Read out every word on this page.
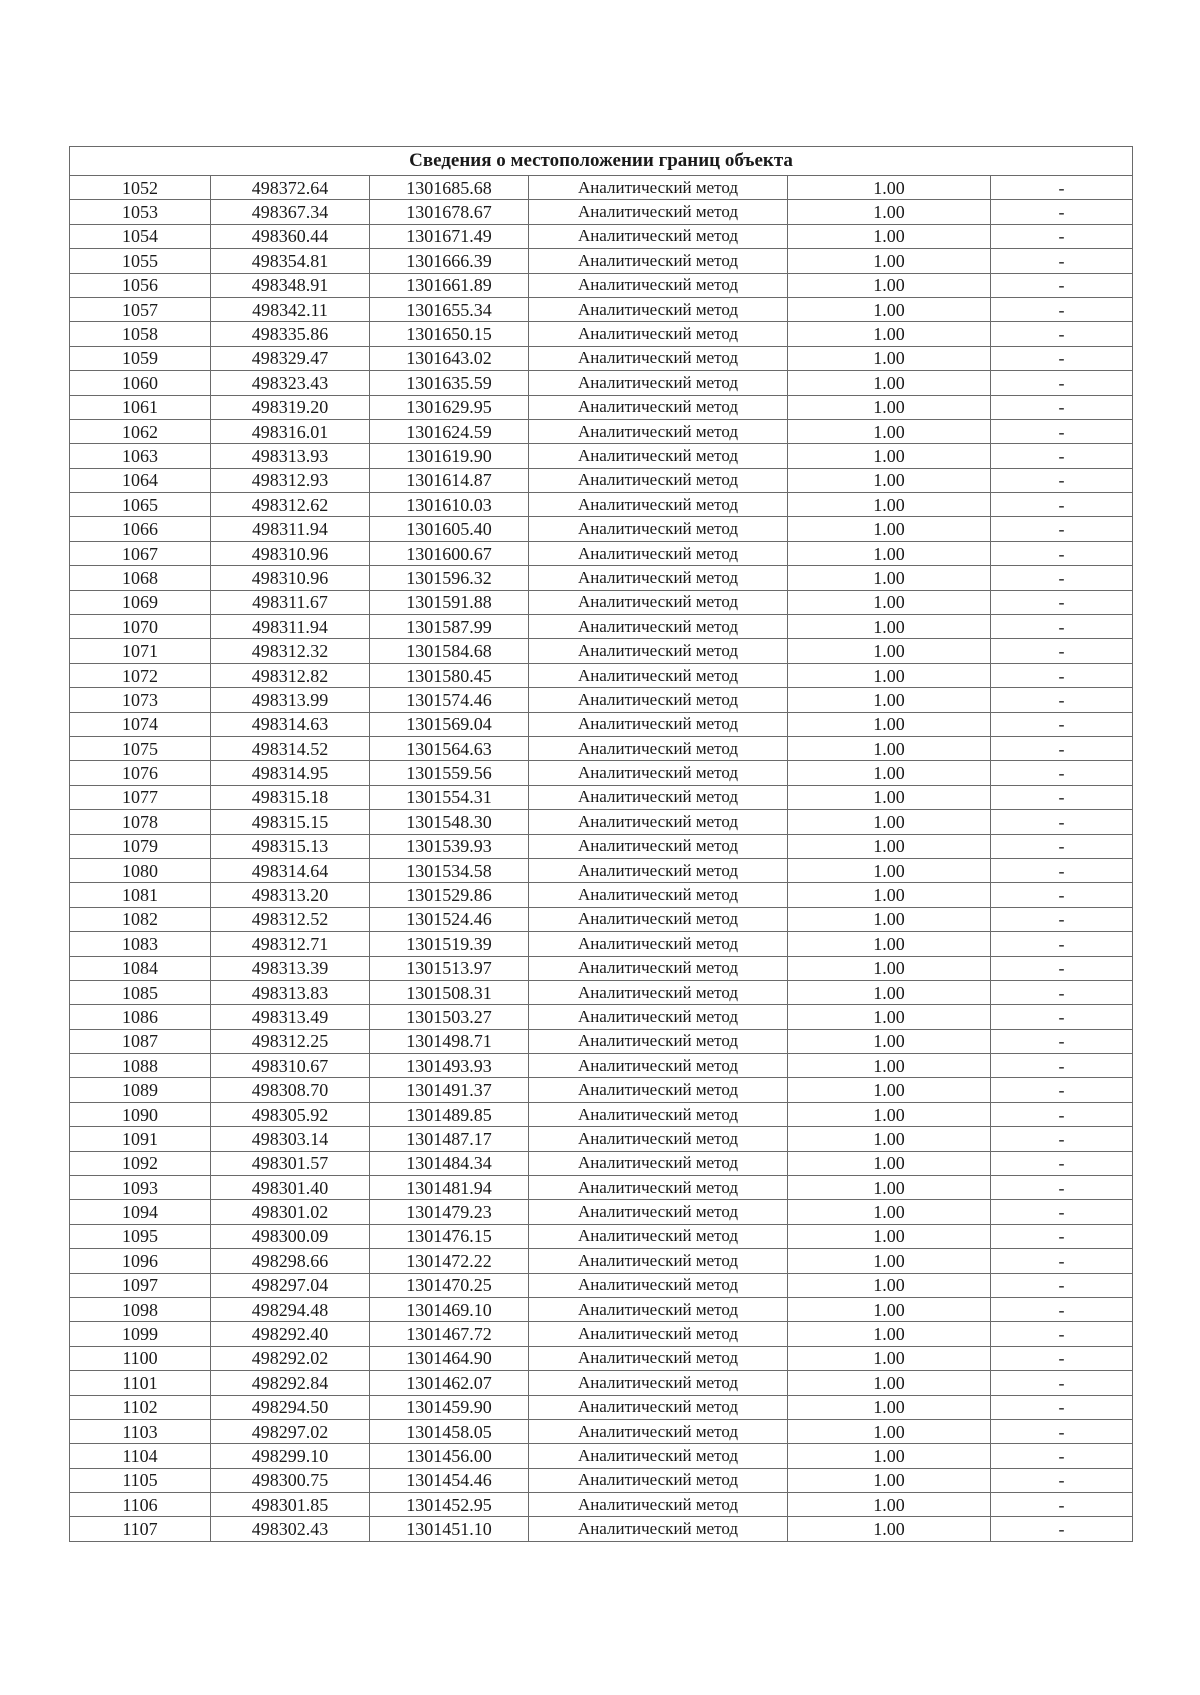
Сведения о местоположении границ объекта					
1052	498372.64	1301685.68	Аналитический метод	1.00	-
1053	498367.34	1301678.67	Аналитический метод	1.00	-
1054	498360.44	1301671.49	Аналитический метод	1.00	-
1055	498354.81	1301666.39	Аналитический метод	1.00	-
1056	498348.91	1301661.89	Аналитический метод	1.00	-
1057	498342.11	1301655.34	Аналитический метод	1.00	-
1058	498335.86	1301650.15	Аналитический метод	1.00	-
1059	498329.47	1301643.02	Аналитический метод	1.00	-
1060	498323.43	1301635.59	Аналитический метод	1.00	-
1061	498319.20	1301629.95	Аналитический метод	1.00	-
1062	498316.01	1301624.59	Аналитический метод	1.00	-
1063	498313.93	1301619.90	Аналитический метод	1.00	-
1064	498312.93	1301614.87	Аналитический метод	1.00	-
1065	498312.62	1301610.03	Аналитический метод	1.00	-
1066	498311.94	1301605.40	Аналитический метод	1.00	-
1067	498310.96	1301600.67	Аналитический метод	1.00	-
1068	498310.96	1301596.32	Аналитический метод	1.00	-
1069	498311.67	1301591.88	Аналитический метод	1.00	-
1070	498311.94	1301587.99	Аналитический метод	1.00	-
1071	498312.32	1301584.68	Аналитический метод	1.00	-
1072	498312.82	1301580.45	Аналитический метод	1.00	-
1073	498313.99	1301574.46	Аналитический метод	1.00	-
1074	498314.63	1301569.04	Аналитический метод	1.00	-
1075	498314.52	1301564.63	Аналитический метод	1.00	-
1076	498314.95	1301559.56	Аналитический метод	1.00	-
1077	498315.18	1301554.31	Аналитический метод	1.00	-
1078	498315.15	1301548.30	Аналитический метод	1.00	-
1079	498315.13	1301539.93	Аналитический метод	1.00	-
1080	498314.64	1301534.58	Аналитический метод	1.00	-
1081	498313.20	1301529.86	Аналитический метод	1.00	-
1082	498312.52	1301524.46	Аналитический метод	1.00	-
1083	498312.71	1301519.39	Аналитический метод	1.00	-
1084	498313.39	1301513.97	Аналитический метод	1.00	-
1085	498313.83	1301508.31	Аналитический метод	1.00	-
1086	498313.49	1301503.27	Аналитический метод	1.00	-
1087	498312.25	1301498.71	Аналитический метод	1.00	-
1088	498310.67	1301493.93	Аналитический метод	1.00	-
1089	498308.70	1301491.37	Аналитический метод	1.00	-
1090	498305.92	1301489.85	Аналитический метод	1.00	-
1091	498303.14	1301487.17	Аналитический метод	1.00	-
1092	498301.57	1301484.34	Аналитический метод	1.00	-
1093	498301.40	1301481.94	Аналитический метод	1.00	-
1094	498301.02	1301479.23	Аналитический метод	1.00	-
1095	498300.09	1301476.15	Аналитический метод	1.00	-
1096	498298.66	1301472.22	Аналитический метод	1.00	-
1097	498297.04	1301470.25	Аналитический метод	1.00	-
1098	498294.48	1301469.10	Аналитический метод	1.00	-
1099	498292.40	1301467.72	Аналитический метод	1.00	-
1100	498292.02	1301464.90	Аналитический метод	1.00	-
1101	498292.84	1301462.07	Аналитический метод	1.00	-
1102	498294.50	1301459.90	Аналитический метод	1.00	-
1103	498297.02	1301458.05	Аналитический метод	1.00	-
1104	498299.10	1301456.00	Аналитический метод	1.00	-
1105	498300.75	1301454.46	Аналитический метод	1.00	-
1106	498301.85	1301452.95	Аналитический метод	1.00	-
1107	498302.43	1301451.10	Аналитический метод	1.00	-
